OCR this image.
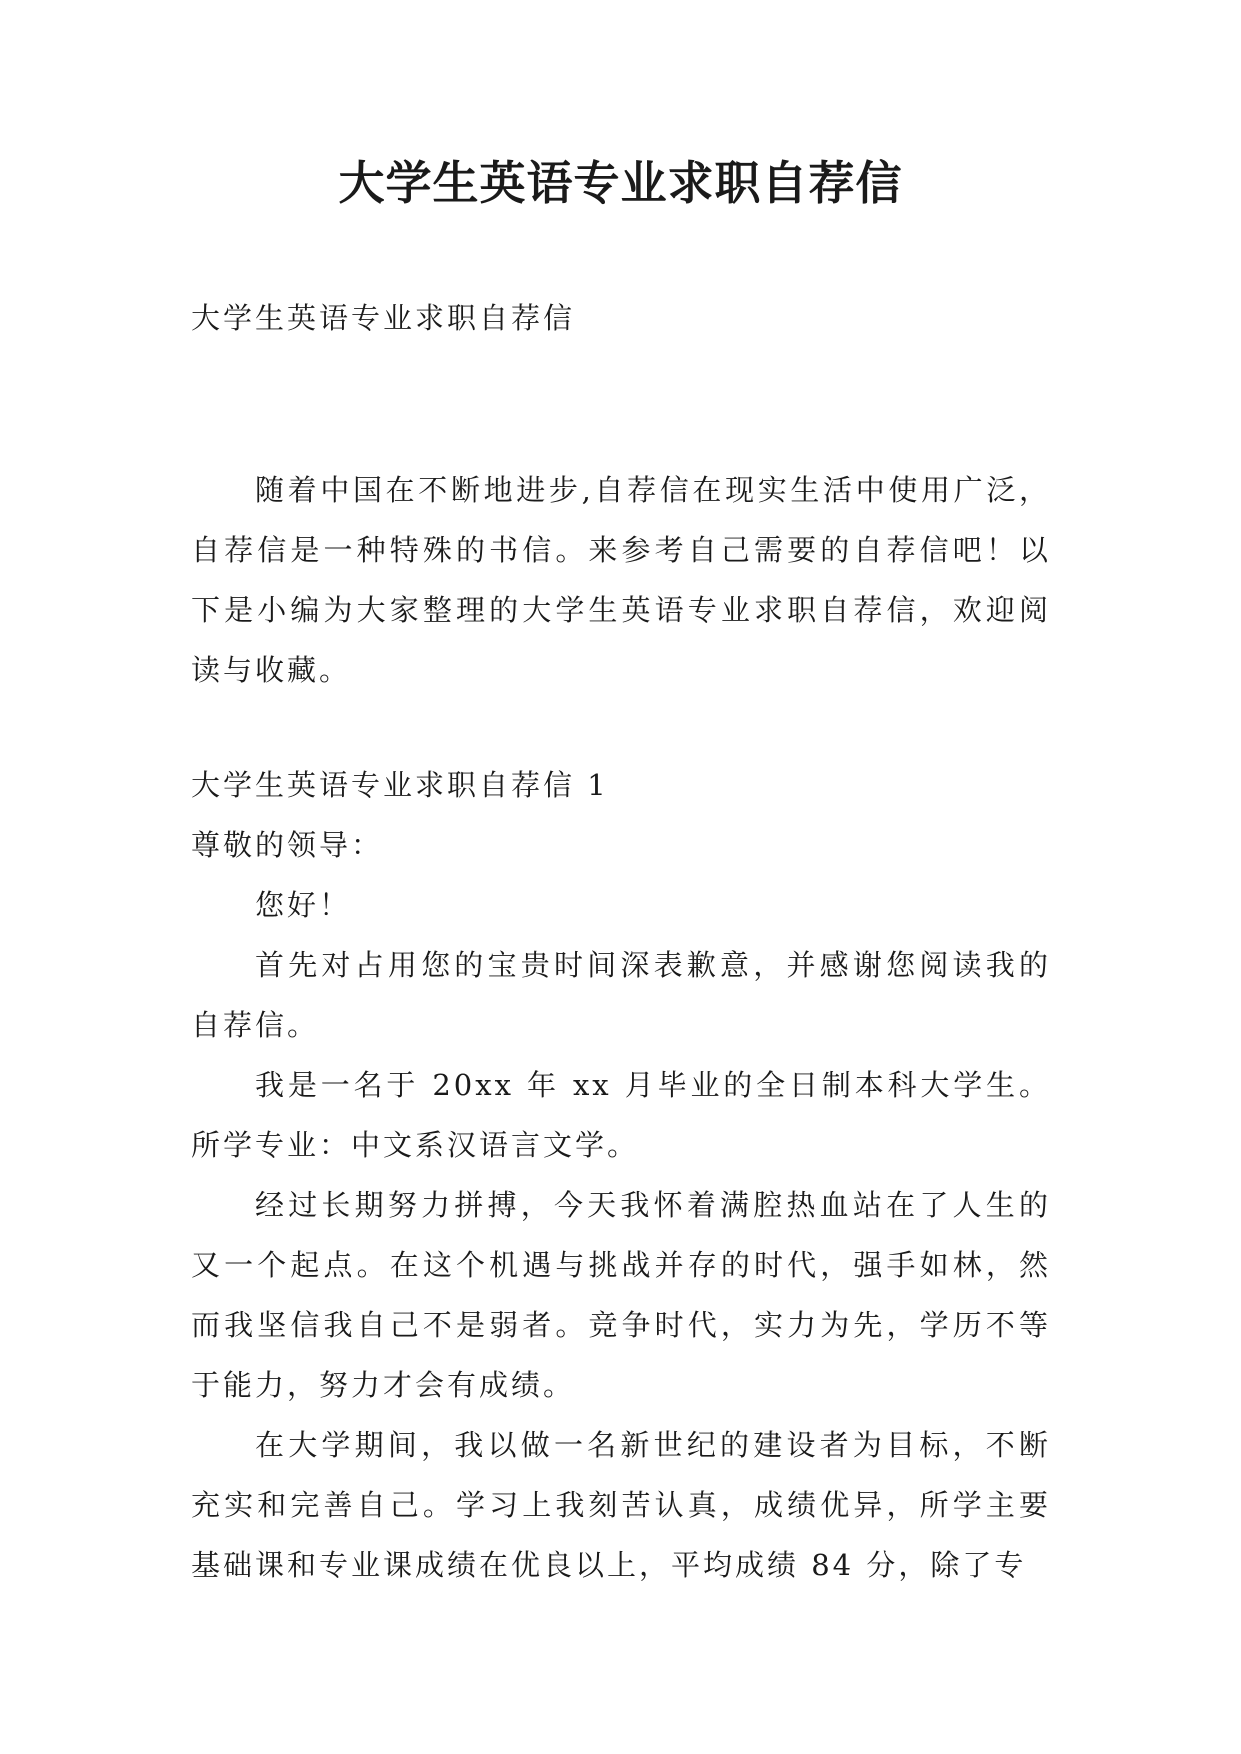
大学生英语专业求职自荐信

大学生英语专业求职自荐信

随着中国在不断地进步,自荐信在现实生活中使用广泛，自荐信是一种特殊的书信。来参考自己需要的自荐信吧！以下是小编为大家整理的大学生英语专业求职自荐信，欢迎阅读与收藏。

大学生英语专业求职自荐信 1

尊敬的领导：

您好！

首先对占用您的宝贵时间深表歉意，并感谢您阅读我的自荐信。

我是一名于 20xx 年 xx 月毕业的全日制本科大学生。所学专业：中文系汉语言文学。

经过长期努力拼搏，今天我怀着满腔热血站在了人生的又一个起点。在这个机遇与挑战并存的时代，强手如林，然而我坚信我自己不是弱者。竞争时代，实力为先，学历不等于能力，努力才会有成绩。

在大学期间，我以做一名新世纪的建设者为目标，不断充实和完善自己。学习上我刻苦认真，成绩优异，所学主要基础课和专业课成绩在优良以上，平均成绩 84 分，除了专
